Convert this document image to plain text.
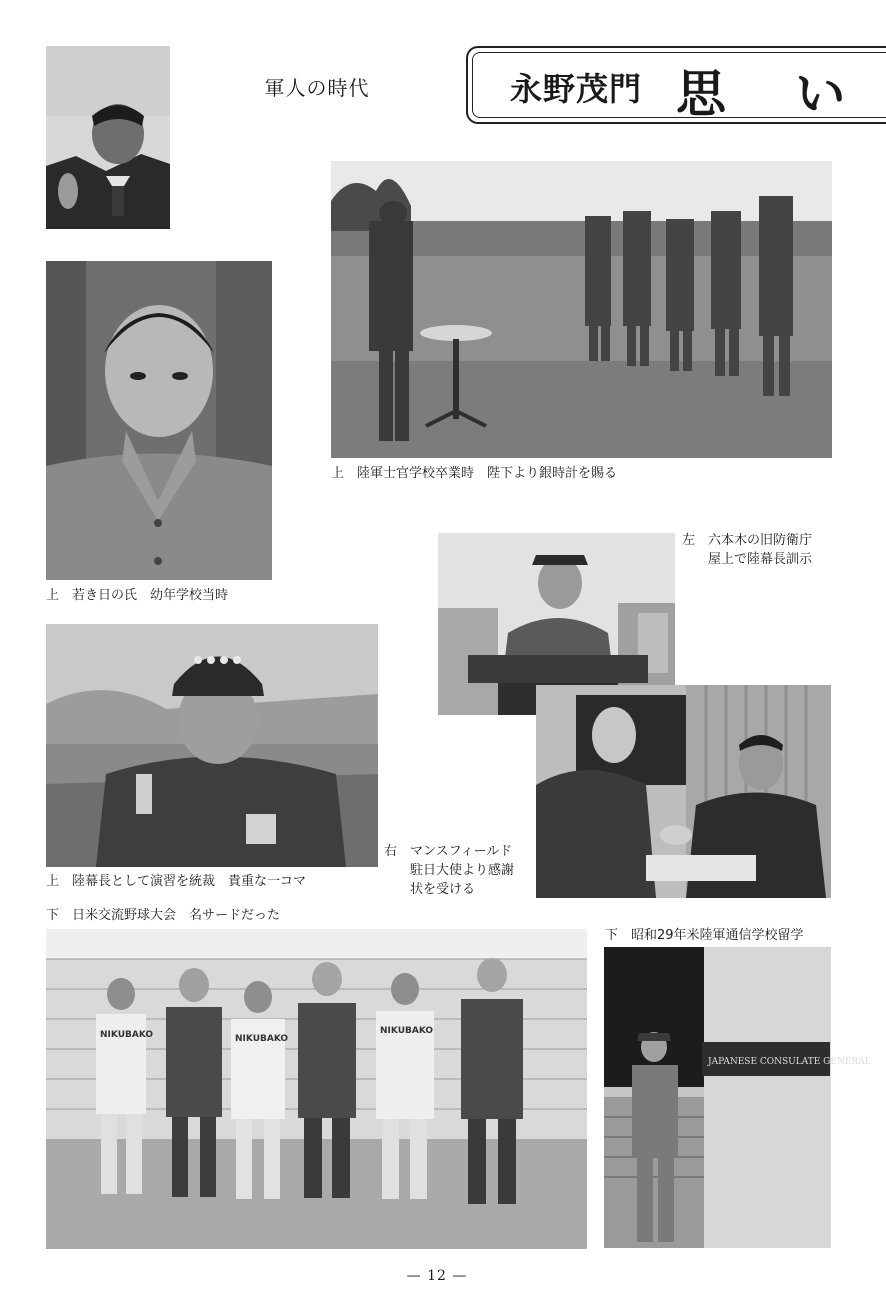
軍人の時代	永野茂門 思 い
上 陸軍士官学校卒業時　陛下より銀時計を賜る
上 若き日の氏　幼年学校当時
左 六本木の旧防衛庁
屋上で陸幕長訓示
上 陸幕長として演習を統裁　貴重な一コマ
右 マンスフィールド
駐日大使より感謝
状を受ける
下 日米交流野球大会　名サードだった
NIKUBAKO	NIKUBAKO
NIKUBAKO
下 昭和29年米陸軍通信学校留学
JAPANESE CONSULATE GENERAL
— 12 —
